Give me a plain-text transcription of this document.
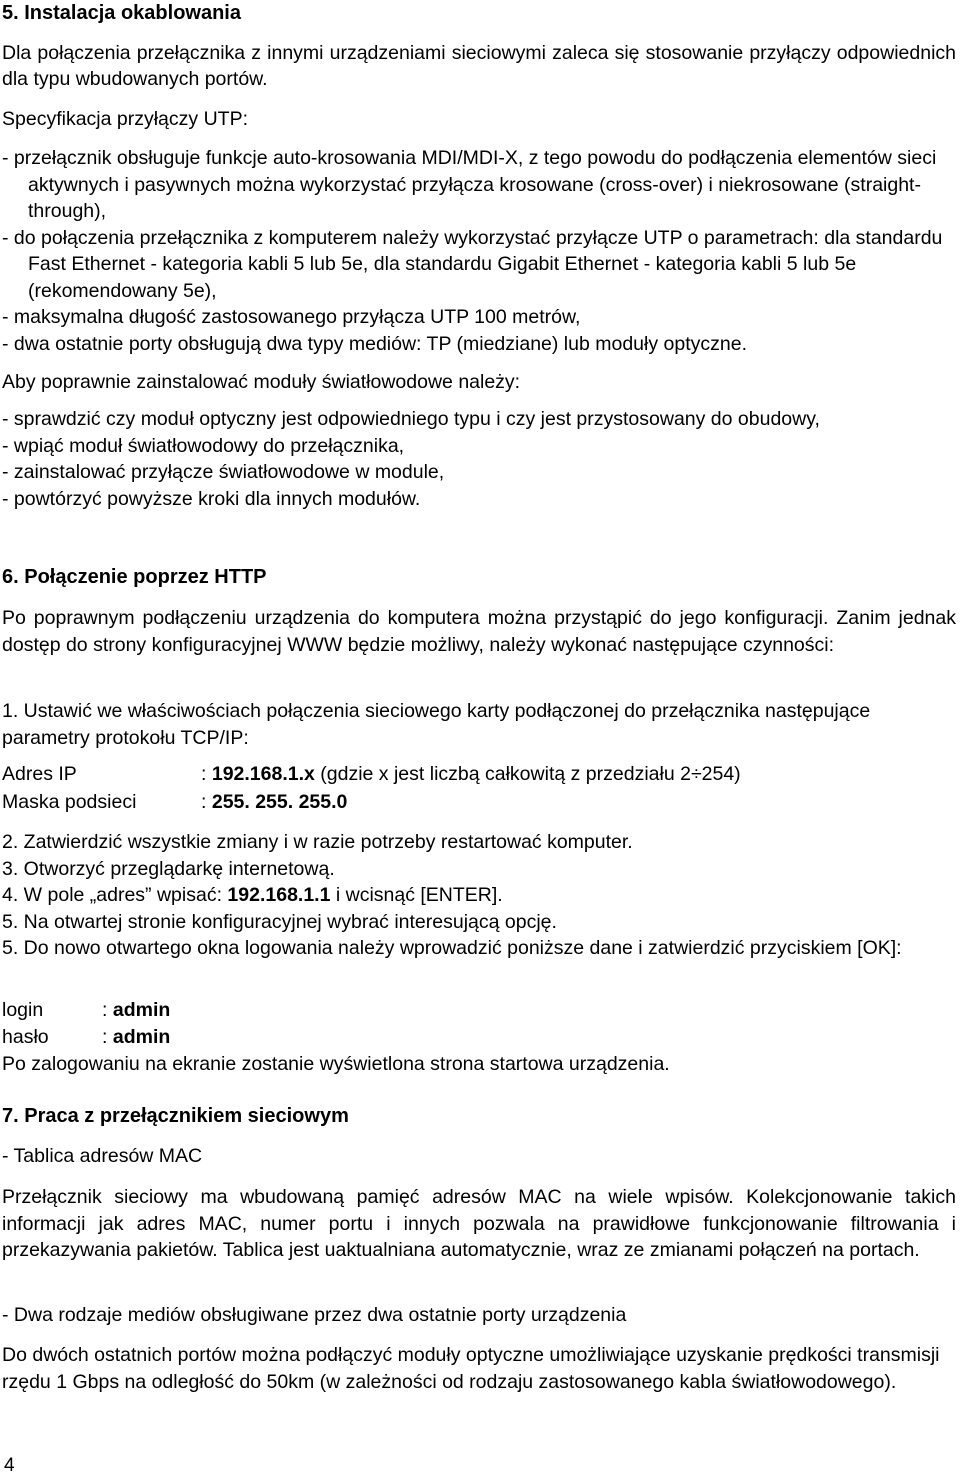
5. Instalacja okablowania

Dla połączenia przełącznika z innymi urządzeniami sieciowymi zaleca się stosowanie przyłączy odpowiednich dla typu wbudowanych portów.

Specyfikacja przyłączy UTP:
- przełącznik obsługuje funkcje auto-krosowania MDI/MDI-X, z tego powodu do podłączenia elementów sieci aktywnych i pasywnych można wykorzystać przyłącza krosowane (cross-over) i niekrosowane (straight-through),
- do połączenia przełącznika z komputerem należy wykorzystać przyłącze UTP o parametrach: dla standardu Fast Ethernet - kategoria kabli 5 lub 5e, dla standardu Gigabit Ethernet - kategoria kabli 5 lub 5e (rekomendowany 5e),
- maksymalna długość zastosowanego przyłącza UTP 100 metrów,
- dwa ostatnie porty obsługują dwa typy mediów: TP (miedziane) lub moduły optyczne.
Aby poprawnie zainstalować moduły światłowodowe należy:
- sprawdzić czy moduł optyczny jest odpowiedniego typu i czy jest przystosowany do obudowy,
- wpiąć moduł światłowodowy do przełącznika,
- zainstalować przyłącze światłowodowe w module,
- powtórzyć powyższe kroki dla innych modułów.
6. Połączenie poprzez HTTP

Po poprawnym podłączeniu urządzenia do komputera można przystąpić do jego konfiguracji. Zanim jednak dostęp do strony konfiguracyjnej WWW będzie możliwy, należy wykonać następujące czynności:

1. Ustawić we właściwościach połączenia sieciowego karty podłączonej do przełącznika następujące parametry protokołu TCP/IP:

Adres IP	: 192.168.1.x (gdzie x jest liczbą całkowitą z przedziału 2÷254)
Maska podsieci	: 255. 255. 255.0
2. Zatwierdzić wszystkie zmiany i w razie potrzeby restartować komputer.
3. Otworzyć przeglądarkę internetową.
4. W pole „adres” wpisać: 192.168.1.1 i wcisnąć [ENTER].
5. Na otwartej stronie konfiguracyjnej wybrać interesującą opcję.
5. Do nowo otwartego okna logowania należy wprowadzić poniższe dane i zatwierdzić przyciskiem [OK]:
login	: admin
hasło	: admin
Po zalogowaniu na ekranie zostanie wyświetlona strona startowa urządzenia.
7. Praca z przełącznikiem sieciowym
- Tablica adresów MAC

Przełącznik sieciowy ma wbudowaną pamięć adresów MAC na wiele wpisów. Kolekcjonowanie takich informacji jak adres MAC, numer portu i innych pozwala na prawidłowe funkcjonowanie filtrowania i przekazywania pakietów. Tablica jest uaktualniana automatycznie, wraz ze zmianami połączeń na portach.

- Dwa rodzaje mediów obsługiwane przez dwa ostatnie porty urządzenia

Do dwóch ostatnich portów można podłączyć moduły optyczne umożliwiające uzyskanie prędkości transmisji rzędu 1 Gbps na odległość do 50km (w zależności od rodzaju zastosowanego kabla światłowodowego).

4
